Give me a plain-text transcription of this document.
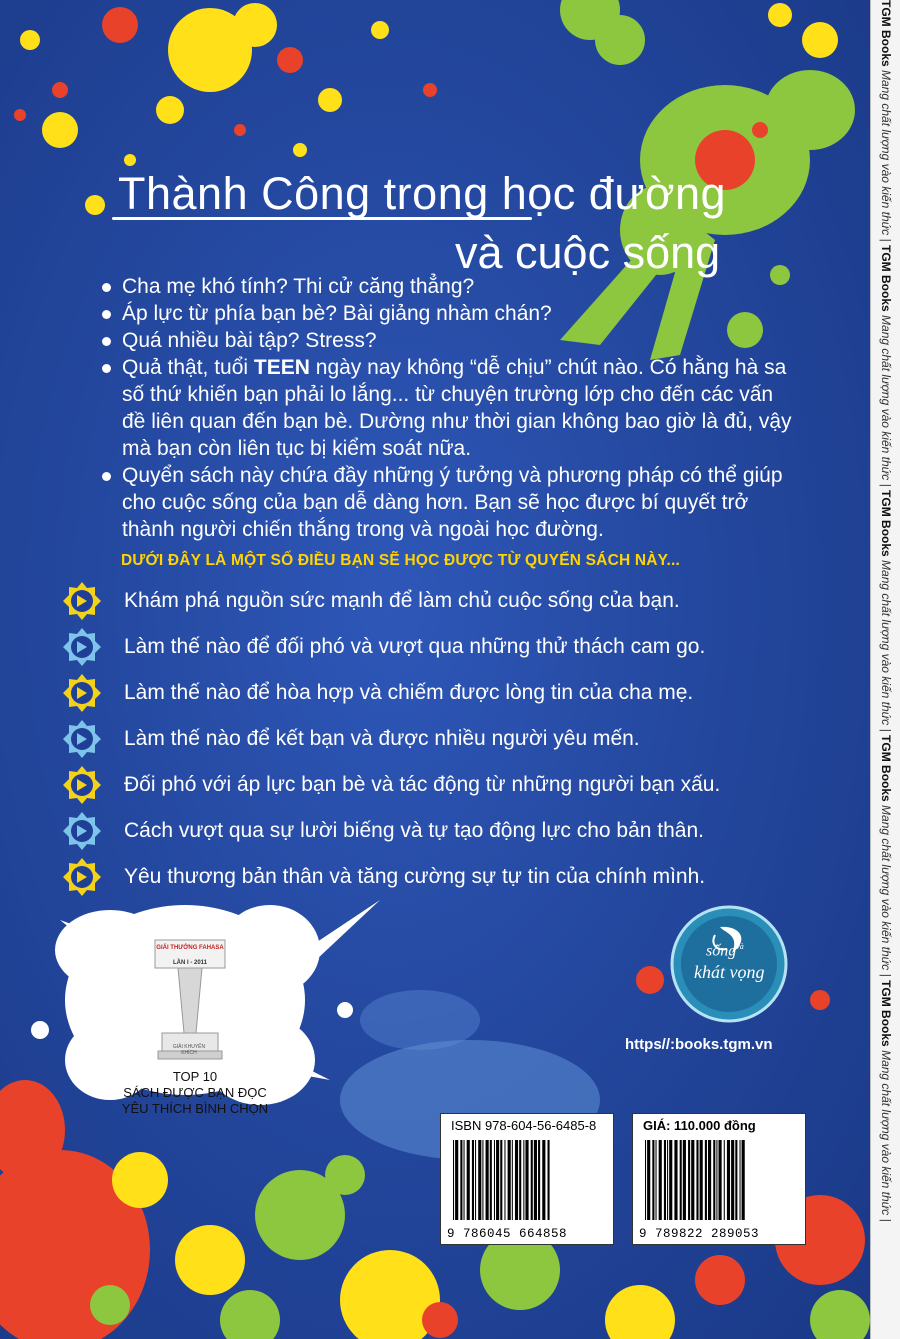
Thành Công trong học đường
và cuộc sống
Cha mẹ khó tính? Thi cử căng thẳng?
Áp lực từ phía bạn bè? Bài giảng nhàm chán?
Quá nhiều bài tập? Stress?
Quả thật, tuổi TEEN ngày nay không “dễ chịu” chút nào. Có hằng hà sa số thứ khiến bạn phải lo lắng... từ chuyện trường lớp cho đến các vấn đề liên quan đến bạn bè. Dường như thời gian không bao giờ là đủ, vậy mà bạn còn liên tục bị kiểm soát nữa.
Quyển sách này chứa đầy những ý tưởng và phương pháp có thể giúp cho cuộc sống của bạn dễ dàng hơn. Bạn sẽ học được bí quyết trở thành người chiến thắng trong và ngoài học đường.
DƯỚI ĐÂY LÀ MỘT SỐ ĐIỀU BẠN SẼ HỌC ĐƯỢC TỪ QUYỂN SÁCH NÀY...
Khám phá nguồn sức mạnh để làm chủ cuộc sống của bạn.
Làm thế nào để đối phó và vượt qua những thử thách cam go.
Làm thế nào để hòa hợp và chiếm được lòng tin của cha mẹ.
Làm thế nào để kết bạn và được nhiều người yêu mến.
Đối phó với áp lực bạn bè và tác động từ những người bạn xấu.
Cách vượt qua sự lười biếng và tự tạo động lực cho bản thân.
Yêu thương bản thân và tăng cường sự tự tin của chính mình.
GIẢI THƯỞNG FAHASA
LẦN I - 2011
GIẢI KHUYẾN KHÍCH
TOP 10
SÁCH ĐƯỢC BẠN ĐỌC
YÊU THÍCH BÌNH CHỌN
sống$^{và}$
khát vọng
https//:books.tgm.vn
ISBN 978-604-56-6485-8
9 786045 664858
GIÁ: 110.000 đồng
9 789822 289053
TGM Books Mang chất lượng vào kiến thức | TGM Books Mang chất lượng vào kiến thức | TGM Books Mang chất lượng vào kiến thức | TGM Books Mang chất lượng vào kiến thức | TGM Books Mang chất lượng vào kiến thức |
